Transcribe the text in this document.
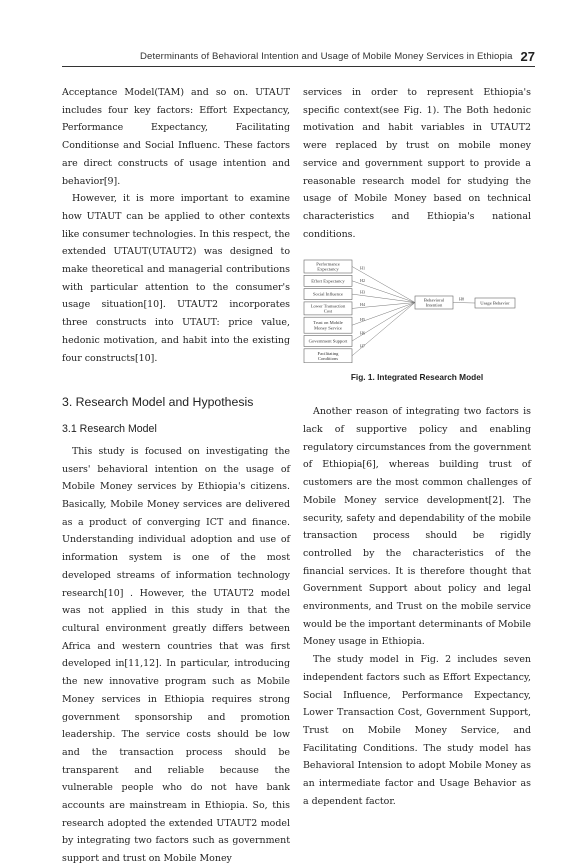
Determinants of Behavioral Intention and Usage of Mobile Money Services in Ethiopia 27

Acceptance Model(TAM) and so on. UTAUT includes four key factors: Effort Expectancy, Performance Expectancy, Facilitating Conditionse and Social Influenc. These factors are direct constructs of usage intention and behavior[9].

However, it is more important to examine how UTAUT can be applied to other contexts like consumer technologies. In this respect, the extended UTAUT(UTAUT2) was designed to make theoretical and managerial contributions with particular attention to the consumer's usage situation[10]. UTAUT2 incorporates three constructs into UTAUT: price value, hedonic motivation, and habit into the existing four constructs[10].

3. Research Model and Hypothesis
3.1 Research Model

This study is focused on investigating the users' behavioral intention on the usage of Mobile Money services by Ethiopia's citizens. Basically, Mobile Money services are delivered as a product of converging ICT and finance. Understanding individual adoption and use of information system is one of the most developed streams of information technology research[10] . However, the UTAUT2 model was not applied in this study in that the cultural environment greatly differs between Africa and western countries that was first developed in[11,12]. In particular, introducing the new innovative program such as Mobile Money services in Ethiopia requires strong government sponsorship and promotion leadership. The service costs should be low and the transaction process should be transparent and reliable because the vulnerable people who do not have bank accounts are mainstream in Ethiopia. So, this research adopted the extended UTAUT2 model by integrating two factors such as government support and trust on Mobile Money

services in order to represent Ethiopia's specific context(see Fig. 1). The Both hedonic motivation and habit variables in UTAUT2 were replaced by trust on mobile money service and government support to provide a reasonable research model for studying the usage of Mobile Money based on technical characteristics and Ethiopia's national conditions.

Performance
Expectancy
Effort Expectancy
Social Influence
Lower Transaction
Cost
Trust on Mobile
Money Service
Government Support
Facilitating
Conditions
H1
H2
H3
H4
H5
H6
H7
Behavioral
Intention
H8
Usage Behavior
Fig. 1. Integrated Research Model

Another reason of integrating two factors is lack of supportive policy and enabling regulatory circumstances from the government of Ethiopia[6], whereas building trust of customers are the most common challenges of Mobile Money service development[2]. The security, safety and dependability of the mobile transaction process should be rigidly controlled by the characteristics of the financial services. It is therefore thought that Government Support about policy and legal environments, and Trust on the mobile service would be the important determinants of Mobile Money usage in Ethiopia.

The study model in Fig. 2 includes seven independent factors such as Effort Expectancy, Social Influence, Performance Expectancy, Lower Transaction Cost, Government Support, Trust on Mobile Money Service, and Facilitating Conditions. The study model has Behavioral Intension to adopt Mobile Money as an intermediate factor and Usage Behavior as a dependent factor.
